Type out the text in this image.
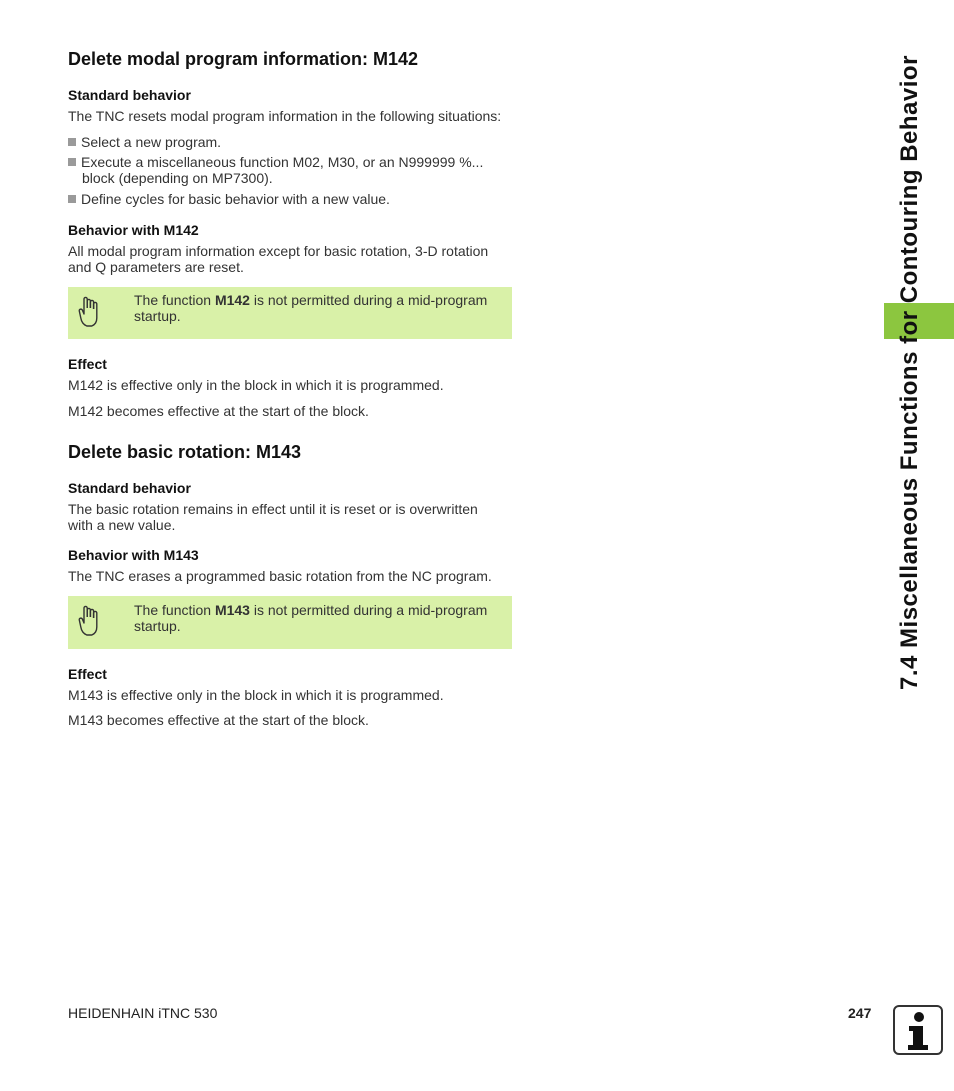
Delete modal program information: M142
Standard behavior
The TNC resets modal program information in the following situations:
Select a new program.
Execute a miscellaneous function M02, M30, or an N999999 %...
block (depending on MP7300).
Define cycles for basic behavior with a new value.
Behavior with M142
All modal program information except for basic rotation, 3-D rotation
and Q parameters are reset.
The function M142 is not permitted during a mid-program
startup.
Effect
M142 is effective only in the block in which it is programmed.
M142 becomes effective at the start of the block.
Delete basic rotation: M143
Standard behavior
The basic rotation remains in effect until it is reset or is overwritten
with a new value.
Behavior with M143
The TNC erases a programmed basic rotation from the NC program.
The function M143 is not permitted during a mid-program
startup.
Effect
M143 is effective only in the block in which it is programmed.
M143 becomes effective at the start of the block.
7.4 Miscellaneous Functions for Contouring Behavior
HEIDENHAIN iTNC 530	247
